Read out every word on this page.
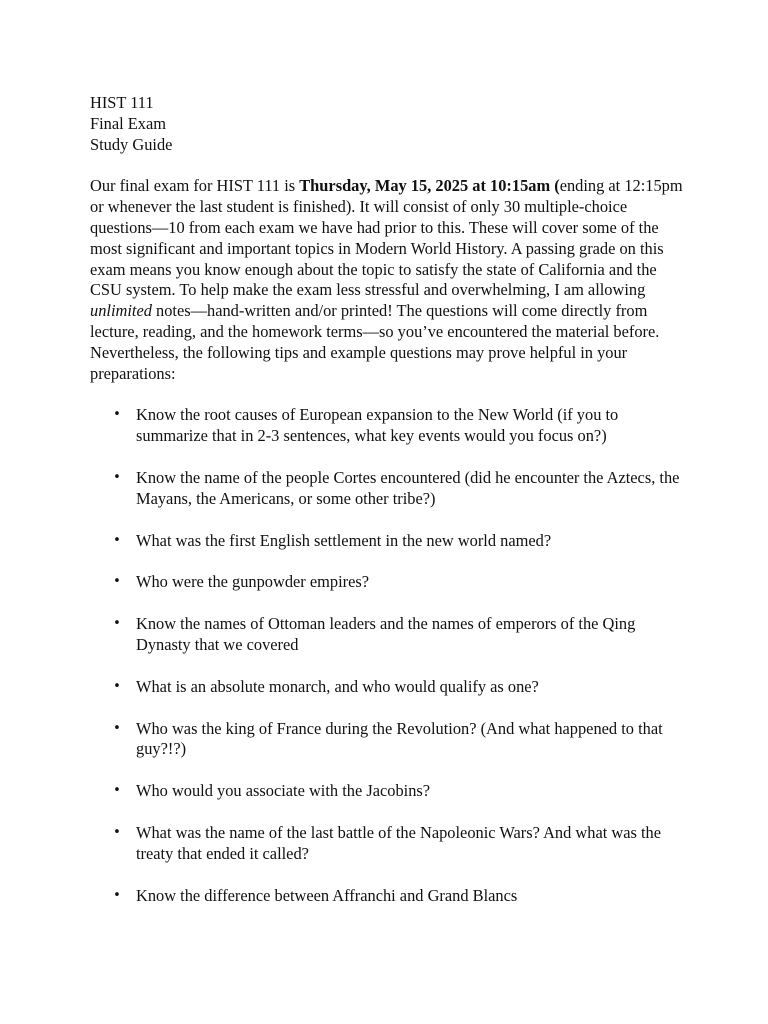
HIST 111
Final Exam
Study Guide

Our final exam for HIST 111 is Thursday, May 15, 2025 at 10:15am (ending at 12:15pm or whenever the last student is finished). It will consist of only 30 multiple-choice questions—10 from each exam we have had prior to this. These will cover some of the most significant and important topics in Modern World History. A passing grade on this exam means you know enough about the topic to satisfy the state of California and the CSU system. To help make the exam less stressful and overwhelming, I am allowing unlimited notes—hand-written and/or printed! The questions will come directly from lecture, reading, and the homework terms—so you’ve encountered the material before. Nevertheless, the following tips and example questions may prove helpful in your preparations:

• Know the root causes of European expansion to the New World (if you to summarize that in 2-3 sentences, what key events would you focus on?)
• Know the name of the people Cortes encountered (did he encounter the Aztecs, the Mayans, the Americans, or some other tribe?)
• What was the first English settlement in the new world named?
• Who were the gunpowder empires?
• Know the names of Ottoman leaders and the names of emperors of the Qing Dynasty that we covered
• What is an absolute monarch, and who would qualify as one?
• Who was the king of France during the Revolution? (And what happened to that guy?!?)
• Who would you associate with the Jacobins?
• What was the name of the last battle of the Napoleonic Wars? And what was the treaty that ended it called?
• Know the difference between Affranchi and Grand Blancs
